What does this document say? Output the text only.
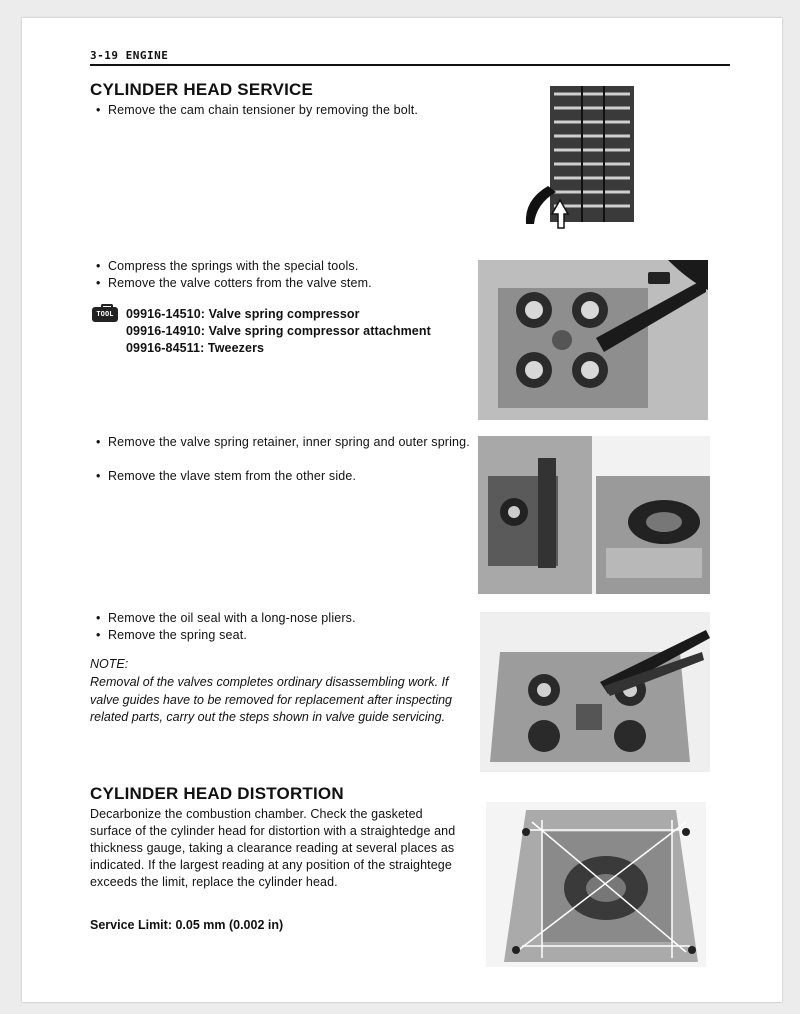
3-19 ENGINE
CYLINDER HEAD SERVICE
• Remove the cam chain tensioner by removing the bolt.
• Compress the springs with the special tools.
• Remove the valve cotters from the valve stem.
TOOL 09916-14510: Valve spring compressor
09916-14910: Valve spring compressor attachment
09916-84511: Tweezers
• Remove the valve spring retainer, inner spring and outer spring.
• Remove the vlave stem from the other side.
• Remove the oil seal with a long-nose pliers.
• Remove the spring seat.
NOTE:
Removal of the valves completes ordinary disassembling work. If valve guides have to be removed for replacement after inspecting related parts, carry out the steps shown in valve guide servicing.
CYLINDER HEAD DISTORTION
Decarbonize the combustion chamber. Check the gasketed surface of the cylinder head for distortion with a straightedge and thickness gauge, taking a clearance reading at several places as indicated. If the largest reading at any position of the straightege exceeds the limit, replace the cylinder head.
Service Limit: 0.05 mm (0.002 in)
